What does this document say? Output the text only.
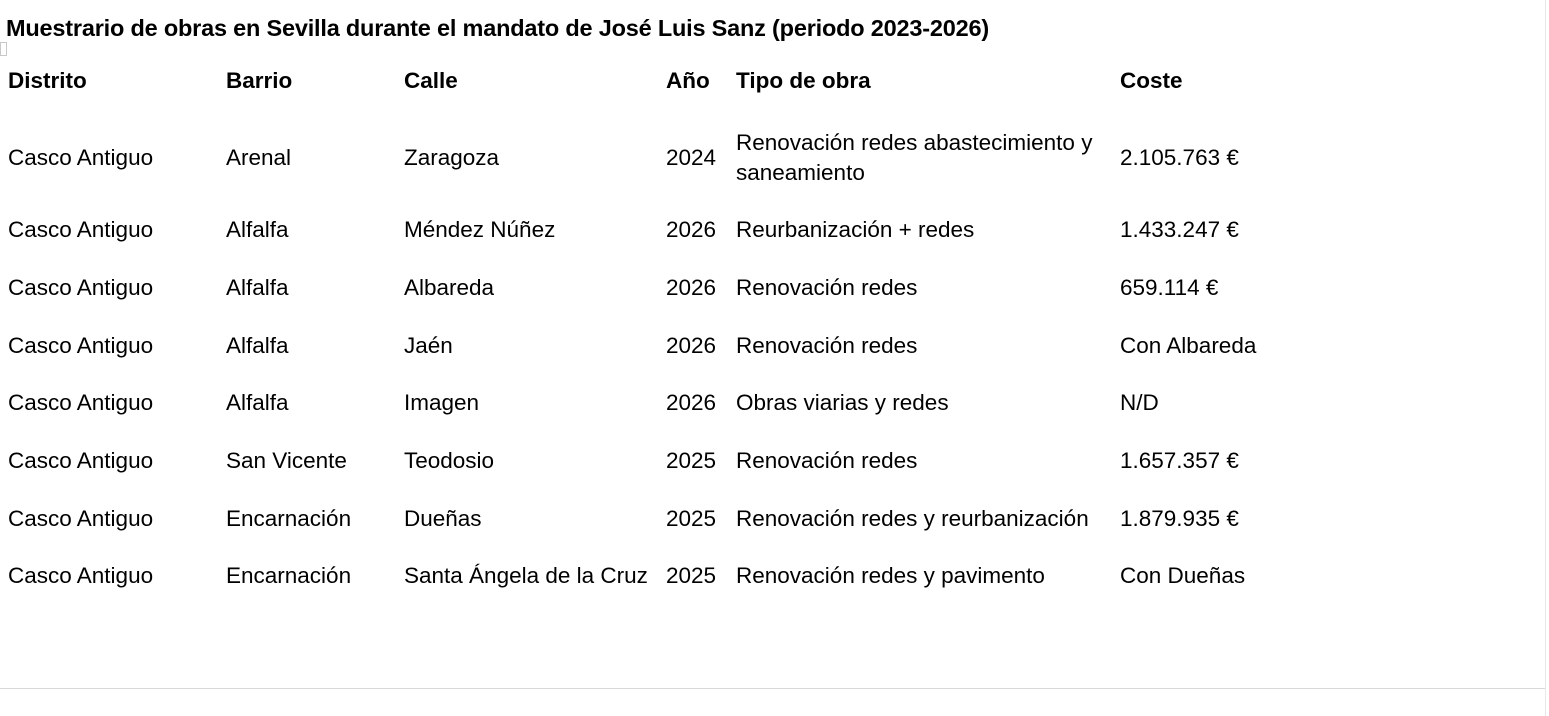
Muestrario de obras en Sevilla durante el mandato de José Luis Sanz (periodo 2023-2026)
Distrito	Barrio	Calle	Año	Tipo de obra	Coste
Casco Antiguo	Arenal	Zaragoza	2024	Renovación redes abastecimiento y saneamiento	2.105.763 €
Casco Antiguo	Alfalfa	Méndez Núñez	2026	Reurbanización + redes	1.433.247 €
Casco Antiguo	Alfalfa	Albareda	2026	Renovación redes	659.114 €
Casco Antiguo	Alfalfa	Jaén	2026	Renovación redes	Con Albareda
Casco Antiguo	Alfalfa	Imagen	2026	Obras viarias y redes	N/D
Casco Antiguo	San Vicente	Teodosio	2025	Renovación redes	1.657.357 €
Casco Antiguo	Encarnación	Dueñas	2025	Renovación redes y reurbanización	1.879.935 €
Casco Antiguo	Encarnación	Santa Ángela de la Cruz	2025	Renovación redes y pavimento	Con Dueñas
